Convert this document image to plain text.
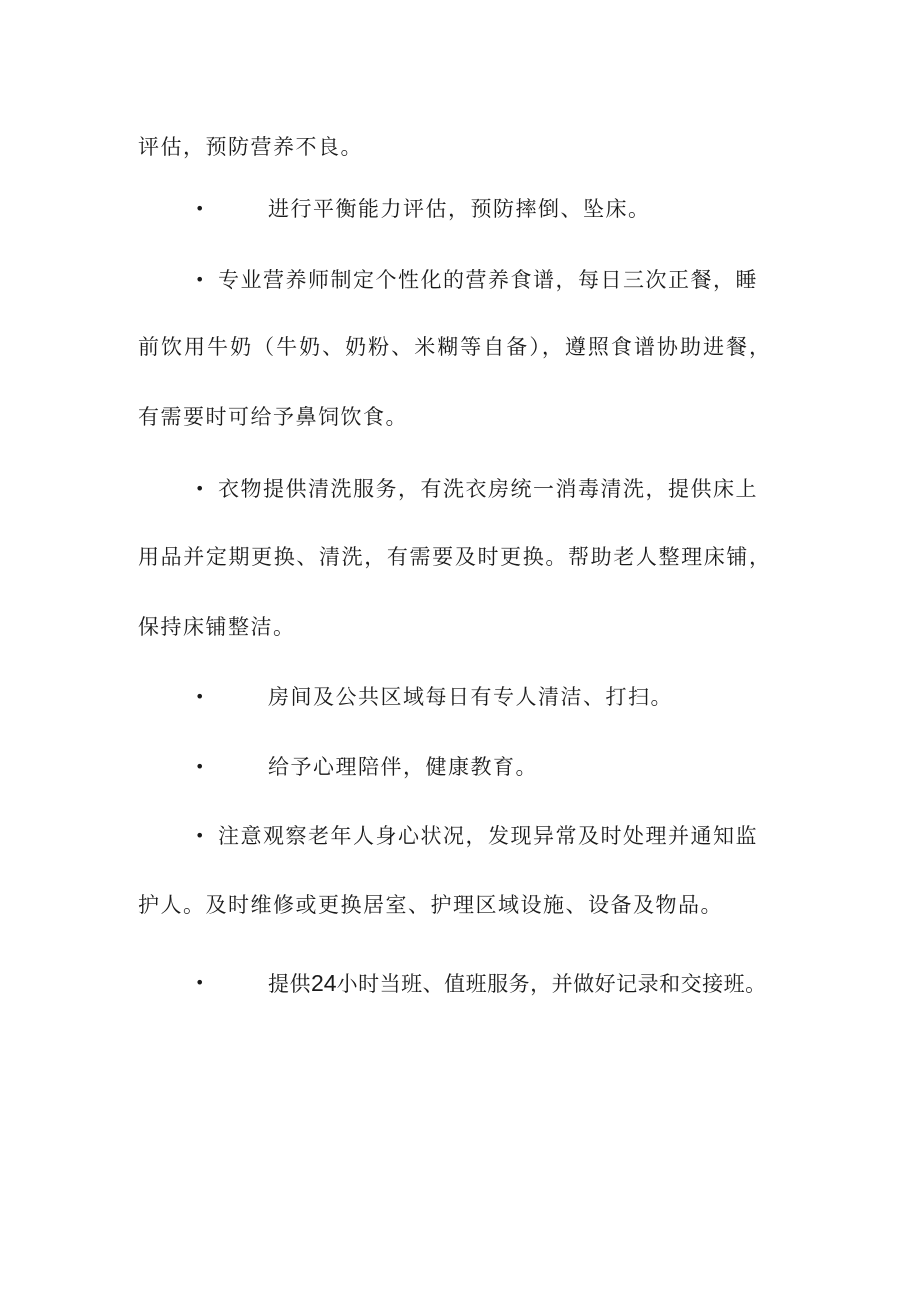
评估，预防营养不良。
•	进行平衡能力评估，预防摔倒、坠床。
• 专业营养师制定个性化的营养食谱，每日三次正餐，睡
前饮用牛奶（牛奶、奶粉、米糊等自备），遵照食谱协助进餐，
有需要时可给予鼻饲饮食。
• 衣物提供清洗服务，有洗衣房统一消毒清洗，提供床上
用品并定期更换、清洗，有需要及时更换。帮助老人整理床铺，
保持床铺整洁。
•	房间及公共区域每日有专人清洁、打扫。
•	给予心理陪伴，健康教育。
• 注意观察老年人身心状况，发现异常及时处理并通知监
护人。及时维修或更换居室、护理区域设施、设备及物品。
•	提供24小时当班、值班服务，并做好记录和交接班。
